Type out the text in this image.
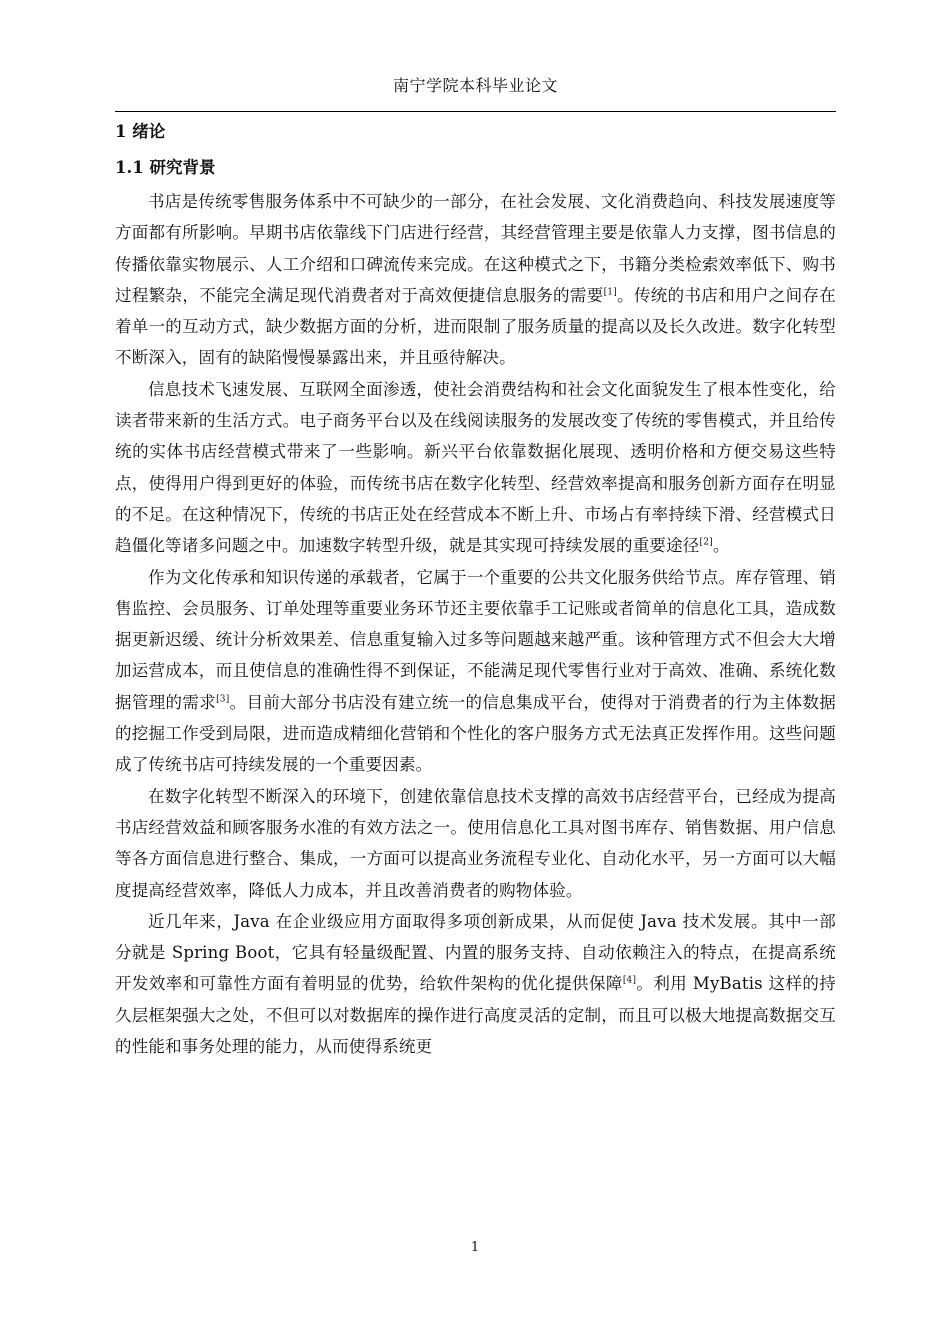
南宁学院本科毕业论文
1 绪论
1.1 研究背景

书店是传统零售服务体系中不可缺少的一部分，在社会发展、文化消费趋向、科技发展速度等方面都有所影响。早期书店依靠线下门店进行经营，其经营管理主要是依靠人力支撑，图书信息的传播依靠实物展示、人工介绍和口碑流传来完成。在这种模式之下，书籍分类检索效率低下、购书过程繁杂，不能完全满足现代消费者对于高效便捷信息服务的需要[1]。传统的书店和用户之间存在着单一的互动方式，缺少数据方面的分析，进而限制了服务质量的提高以及长久改进。数字化转型不断深入，固有的缺陷慢慢暴露出来，并且亟待解决。

信息技术飞速发展、互联网全面渗透，使社会消费结构和社会文化面貌发生了根本性变化，给读者带来新的生活方式。电子商务平台以及在线阅读服务的发展改变了传统的零售模式，并且给传统的实体书店经营模式带来了一些影响。新兴平台依靠数据化展现、透明价格和方便交易这些特点，使得用户得到更好的体验，而传统书店在数字化转型、经营效率提高和服务创新方面存在明显的不足。在这种情况下，传统的书店正处在经营成本不断上升、市场占有率持续下滑、经营模式日趋僵化等诸多问题之中。加速数字转型升级，就是其实现可持续发展的重要途径[2]。

作为文化传承和知识传递的承载者，它属于一个重要的公共文化服务供给节点。库存管理、销售监控、会员服务、订单处理等重要业务环节还主要依靠手工记账或者简单的信息化工具，造成数据更新迟缓、统计分析效果差、信息重复输入过多等问题越来越严重。该种管理方式不但会大大增加运营成本，而且使信息的准确性得不到保证，不能满足现代零售行业对于高效、准确、系统化数据管理的需求[3]。目前大部分书店没有建立统一的信息集成平台，使得对于消费者的行为主体数据的挖掘工作受到局限，进而造成精细化营销和个性化的客户服务方式无法真正发挥作用。这些问题成了传统书店可持续发展的一个重要因素。

在数字化转型不断深入的环境下，创建依靠信息技术支撑的高效书店经营平台，已经成为提高书店经营效益和顾客服务水准的有效方法之一。使用信息化工具对图书库存、销售数据、用户信息等各方面信息进行整合、集成，一方面可以提高业务流程专业化、自动化水平，另一方面可以大幅度提高经营效率，降低人力成本，并且改善消费者的购物体验。

近几年来，Java 在企业级应用方面取得多项创新成果，从而促使 Java 技术发展。其中一部分就是 Spring Boot，它具有轻量级配置、内置的服务支持、自动依赖注入的特点，在提高系统开发效率和可靠性方面有着明显的优势，给软件架构的优化提供保障[4]。利用 MyBatis 这样的持久层框架强大之处，不但可以对数据库的操作进行高度灵活的定制，而且可以极大地提高数据交互的性能和事务处理的能力，从而使得系统更

1
